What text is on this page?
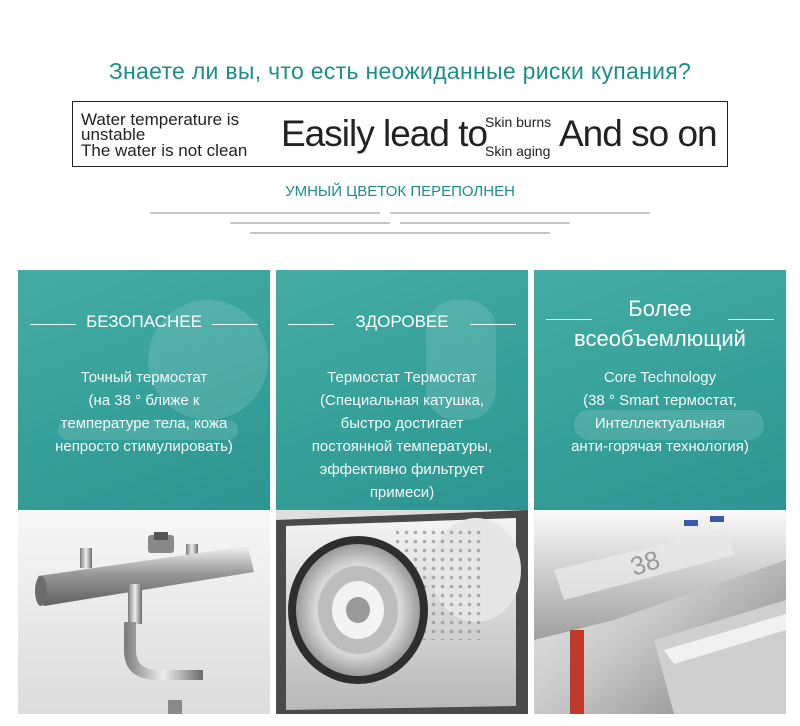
Знаете ли вы, что есть неожиданные риски купания?
Water temperature is
unstable
The water is not clean Easily lead to
Skin burns
Skin aging And so on
УМНЫЙ ЦВЕТОК ПЕРЕПОЛНЕН
БЕЗОПАСНЕЕ
Точный термостат
(на 38 ° ближе к
температуре тела, кожа
непросто стимулировать)
ЗДОРОВЕЕ
Термостат Термостат
(Специальная катушка,
быстро достигает
постоянной температуры,
эффективно фильтрует
примеси)
Более
всеобъемлющий
Core Technology
(38 ° Smart термостат,
Интеллектуальная
анти-горячая технология)
38
